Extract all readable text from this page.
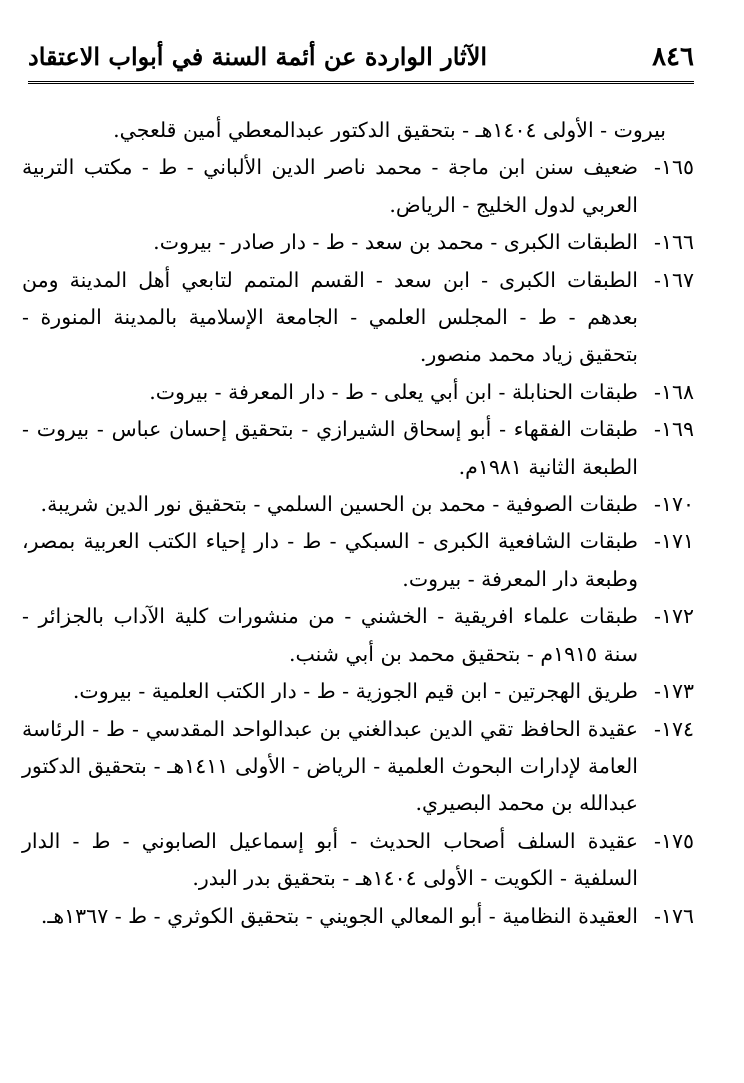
٨٤٦
الآثار الواردة عن أئمة السنة في أبواب الاعتقاد

بيروت - الأولى ١٤٠٤هـ - بتحقيق الدكتور عبدالمعطي أمين قلعجي.

١٦٥-
ضعيف سنن ابن ماجة - محمد ناصر الدين الألباني - ط - مكتب التربية العربي لدول الخليج - الرياض.
١٦٦-
الطبقات الكبرى - محمد بن سعد - ط - دار صادر - بيروت.
١٦٧-
الطبقات الكبرى - ابن سعد - القسم المتمم لتابعي أهل المدينة ومن بعدهم - ط - المجلس العلمي - الجامعة الإسلامية بالمدينة المنورة - بتحقيق زياد محمد منصور.
١٦٨-
طبقات الحنابلة - ابن أبي يعلى - ط - دار المعرفة - بيروت.
١٦٩-
طبقات الفقهاء - أبو إسحاق الشيرازي - بتحقيق إحسان عباس - بيروت - الطبعة الثانية ١٩٨١م.
١٧٠-
طبقات الصوفية - محمد بن الحسين السلمي - بتحقيق نور الدين شريبة.
١٧١-
طبقات الشافعية الكبرى - السبكي - ط - دار إحياء الكتب العربية بمصر، وطبعة دار المعرفة - بيروت.
١٧٢-
طبقات علماء افريقية - الخشني - من منشورات كلية الآداب بالجزائر - سنة ١٩١٥م - بتحقيق محمد بن أبي شنب.
١٧٣-
طريق الهجرتين - ابن قيم الجوزية - ط - دار الكتب العلمية - بيروت.
١٧٤-
عقيدة الحافظ تقي الدين عبدالغني بن عبدالواحد المقدسي - ط - الرئاسة العامة لإدارات البحوث العلمية - الرياض - الأولى ١٤١١هـ - بتحقيق الدكتور عبدالله بن محمد البصيري.
١٧٥-
عقيدة السلف أصحاب الحديث - أبو إسماعيل الصابوني - ط - الدار السلفية - الكويت - الأولى ١٤٠٤هـ - بتحقيق بدر البدر.
١٧٦-
العقيدة النظامية - أبو المعالي الجويني - بتحقيق الكوثري - ط - ١٣٦٧هـ.
